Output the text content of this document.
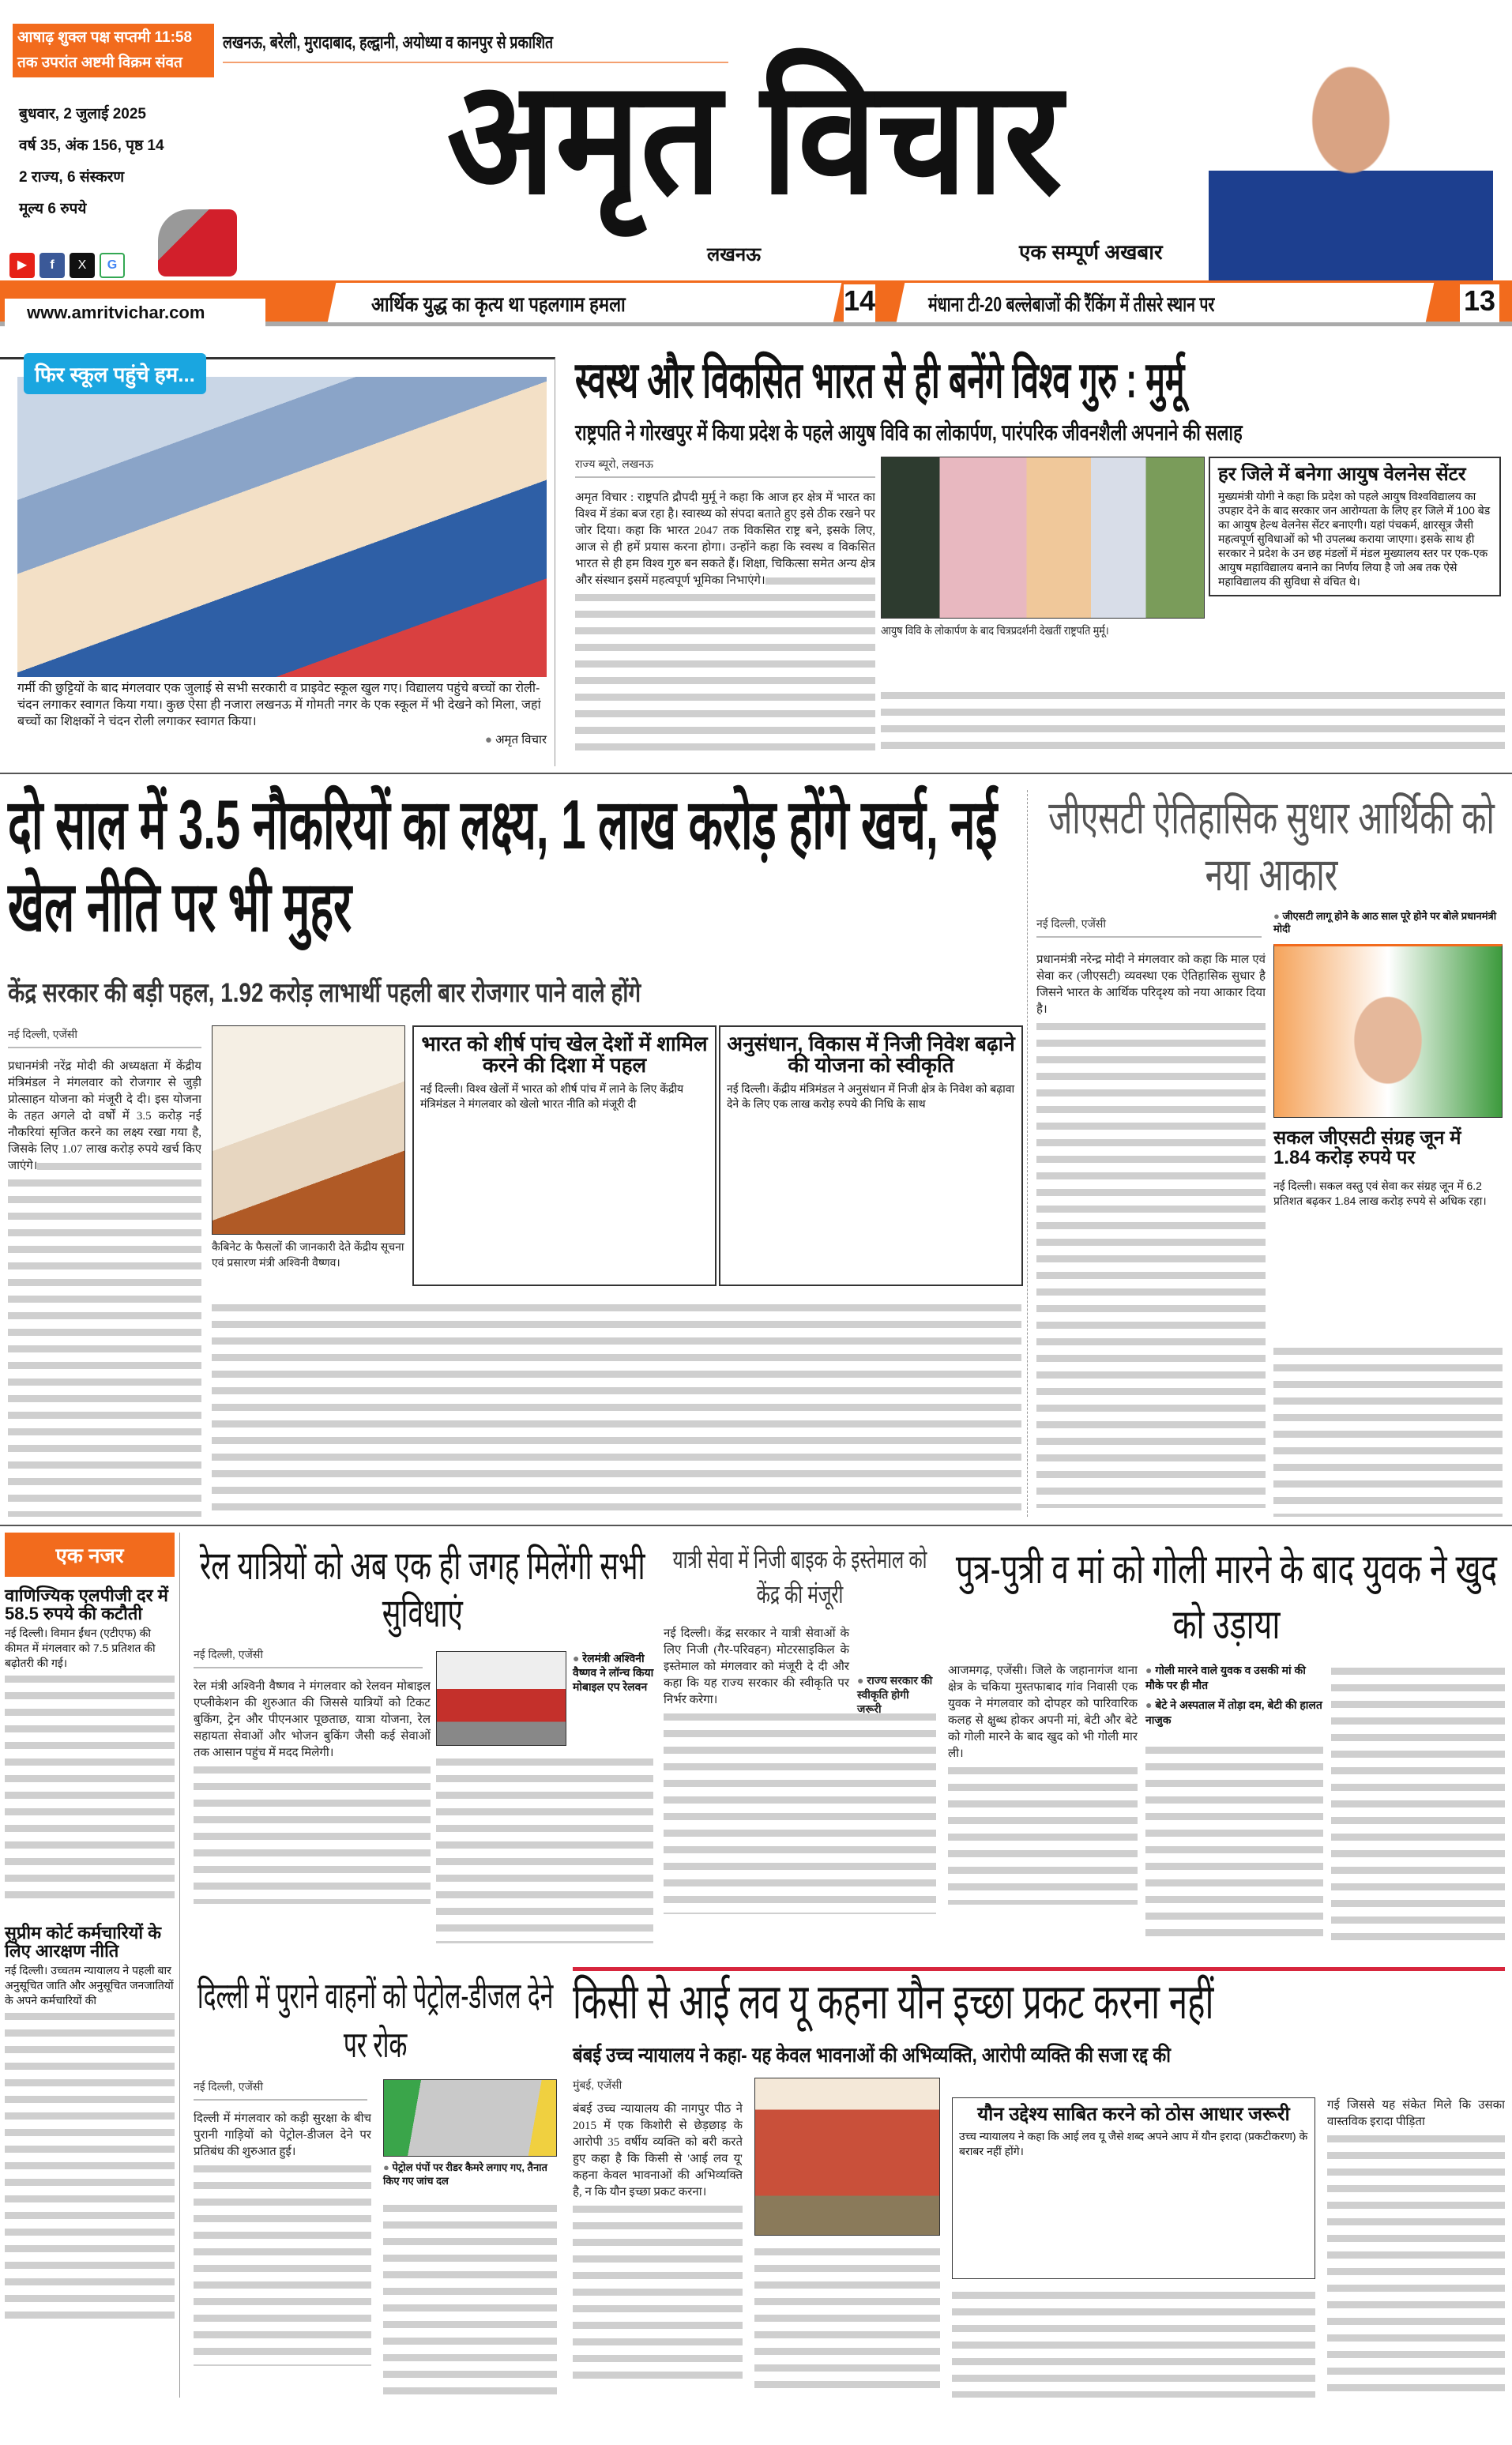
आषाढ़ शुक्ल पक्ष सप्तमी 11:58 तक उपरांत अष्टमी विक्रम संवत 2082
लखनऊ, बरेली, मुरादाबाद, हल्द्वानी, अयोध्या व कानपुर से प्रकाशित
बुधवार, 2 जुलाई 2025
वर्ष 35, अंक 156, पृष्ठ 14
2 राज्य, 6 संस्करण
मूल्य 6 रुपये
▶	f	X	G
अमृत विचार
लखनऊ	एक सम्पूर्ण अखबार
www.amritvichar.com	आर्थिक युद्ध का कृत्य था पहलगाम हमला	14	मंधाना टी-20 बल्लेबाजों की रैंकिंग में तीसरे स्थान पर	13
फिर स्कूल पहुंचे हम...
गर्मी की छुट्टियों के बाद मंगलवार एक जुलाई से सभी सरकारी व प्राइवेट स्कूल खुल गए। विद्यालय पहुंचे बच्चों का रोली-चंदन लगाकर स्वागत किया गया। कुछ ऐसा ही नजारा लखनऊ में गोमती नगर के एक स्कूल में भी देखने को मिला, जहां बच्चों का शिक्षकों ने चंदन रोली लगाकर स्वागत किया।
● अमृत विचार
स्वस्थ और विकसित भारत से ही बनेंगे विश्व गुरु : मुर्मू
राष्ट्रपति ने गोरखपुर में किया प्रदेश के पहले आयुष विवि का लोकार्पण, पारंपरिक जीवनशैली अपनाने की सलाह
राज्य ब्यूरो, लखनऊ
अमृत विचार : राष्ट्रपति द्रौपदी मुर्मू ने कहा कि आज हर क्षेत्र में भारत का विश्व में डंका बज रहा है। स्वास्थ्य को संपदा बताते हुए इसे ठीक रखने पर जोर दिया। कहा कि भारत 2047 तक विकसित राष्ट्र बने, इसके लिए, आज से ही हमें प्रयास करना होगा। उन्होंने कहा कि स्वस्थ व विकसित भारत से ही हम विश्व गुरु बन सकते हैं। शिक्षा, चिकित्सा समेत अन्य क्षेत्र और संस्थान इसमें महत्वपूर्ण भूमिका निभाएंगे।
आयुष विवि के लोकार्पण के बाद चित्रप्रदर्शनी देखतीं राष्ट्रपति मुर्मू।
हर जिले में बनेगा आयुष वेलनेस सेंटर
मुख्यमंत्री योगी ने कहा कि प्रदेश को पहले आयुष विश्वविद्यालय का उपहार देने के बाद सरकार जन आरोग्यता के लिए हर जिले में 100 बेड का आयुष हेल्थ वेलनेस सेंटर बनाएगी। यहां पंचकर्म, क्षारसूत्र जैसी महत्वपूर्ण सुविधाओं को भी उपलब्ध कराया जाएगा। इसके साथ ही सरकार ने प्रदेश के उन छह मंडलों में मंडल मुख्यालय स्तर पर एक-एक आयुष महाविद्यालय बनाने का निर्णय लिया है जो अब तक ऐसे महाविद्यालय की सुविधा से वंचित थे।
दो साल में 3.5 नौकरियों का लक्ष्य, 1 लाख करोड़ होंगे खर्च, नई खेल नीति पर भी मुहर
केंद्र सरकार की बड़ी पहल, 1.92 करोड़ लाभार्थी पहली बार रोजगार पाने वाले होंगे
नई दिल्ली, एजेंसी
प्रधानमंत्री नरेंद्र मोदी की अध्यक्षता में केंद्रीय मंत्रिमंडल ने मंगलवार को रोजगार से जुड़ी प्रोत्साहन योजना को मंजूरी दे दी। इस योजना के तहत अगले दो वर्षों में 3.5 करोड़ नई नौकरियां सृजित करने का लक्ष्य रखा गया है, जिसके लिए 1.07 लाख करोड़ रुपये खर्च किए जाएंगे।
कैबिनेट के फैसलों की जानकारी देते केंद्रीय सूचना एवं प्रसारण मंत्री अश्विनी वैष्णव।
भारत को शीर्ष पांच खेल देशों में शामिल करने की दिशा में पहल
नई दिल्ली। विश्व खेलों में भारत को शीर्ष पांच में लाने के लिए केंद्रीय मंत्रिमंडल ने मंगलवार को खेलो भारत नीति को मंजूरी दी
अनुसंधान, विकास में निजी निवेश बढ़ाने की योजना को स्वीकृति
नई दिल्ली। केंद्रीय मंत्रिमंडल ने अनुसंधान में निजी क्षेत्र के निवेश को बढ़ावा देने के लिए एक लाख करोड़ रुपये की निधि के साथ
जीएसटी ऐतिहासिक सुधार आर्थिकी को नया आकार
नई दिल्ली, एजेंसी
● जीएसटी लागू होने के आठ साल पूरे होने पर बोले प्रधानमंत्री मोदी
प्रधानमंत्री नरेन्द्र मोदी ने मंगलवार को कहा कि माल एवं सेवा कर (जीएसटी) व्यवस्था एक ऐतिहासिक सुधार है जिसने भारत के आर्थिक परिदृश्य को नया आकार दिया है।
सकल जीएसटी संग्रह जून में 1.84 करोड़ रुपये पर
नई दिल्ली। सकल वस्तु एवं सेवा कर संग्रह जून में 6.2 प्रतिशत बढ़कर 1.84 लाख करोड़ रुपये से अधिक रहा।
एक नजर
वाणिज्यिक एलपीजी दर में 58.5 रुपये की कटौती
नई दिल्ली। विमान ईंधन (एटीएफ) की कीमत में मंगलवार को 7.5 प्रतिशत की बढ़ोतरी की गई।
सुप्रीम कोर्ट कर्मचारियों के लिए आरक्षण नीति
नई दिल्ली। उच्चतम न्यायालय ने पहली बार अनुसूचित जाति और अनुसूचित जनजातियों के अपने कर्मचारियों की
रेल यात्रियों को अब एक ही जगह मिलेंगी सभी सुविधाएं
नई दिल्ली, एजेंसी	● रेलमंत्री अश्विनी वैष्णव ने लॉन्च किया मोबाइल एप रेलवन
रेल मंत्री अश्विनी वैष्णव ने मंगलवार को रेलवन मोबाइल एप्लीकेशन की शुरुआत की जिससे यात्रियों को टिकट बुकिंग, ट्रेन और पीएनआर पूछताछ, यात्रा योजना, रेल सहायता सेवाओं और भोजन बुकिंग जैसी कई सेवाओं तक आसान पहुंच में मदद मिलेगी।
यात्री सेवा में निजी बाइक के इस्तेमाल को केंद्र की मंजूरी
● राज्य सरकार की स्वीकृति होगी जरूरी
नई दिल्ली। केंद्र सरकार ने यात्री सेवाओं के लिए निजी (गैर-परिवहन) मोटरसाइकिल के इस्तेमाल को मंगलवार को मंजूरी दे दी और कहा कि यह राज्य सरकार की स्वीकृति पर निर्भर करेगा।
पुत्र-पुत्री व मां को गोली मारने के बाद युवक ने खुद को उड़ाया
आजमगढ़, एजेंसी। जिले के जहानागंज थाना क्षेत्र के चकिया मुस्तफाबाद गांव निवासी एक युवक ने मंगलवार को दोपहर को पारिवारिक कलह से क्षुब्ध होकर अपनी मां, बेटी और बेटे को गोली मारने के बाद खुद को भी गोली मार ली।
● गोली मारने वाले युवक व उसकी मां की मौके पर ही मौत
● बेटे ने अस्पताल में तोड़ा दम, बेटी की हालत नाजुक
दिल्ली में पुराने वाहनों को पेट्रोल-डीजल देने पर रोक
नई दिल्ली, एजेंसी
दिल्ली में मंगलवार को कड़ी सुरक्षा के बीच पुरानी गाड़ियों को पेट्रोल-डीजल देने पर प्रतिबंध की शुरुआत हुई।
● पेट्रोल पंपों पर रीडर कैमरे लगाए गए, तैनात किए गए जांच दल
किसी से आई लव यू कहना यौन इच्छा प्रकट करना नहीं
बंबई उच्च न्यायालय ने कहा- यह केवल भावनाओं की अभिव्यक्ति, आरोपी व्यक्ति की सजा रद्द की
मुंबई, एजेंसी
बंबई उच्च न्यायालय की नागपुर पीठ ने 2015 में एक किशोरी से छेड़छाड़ के आरोपी 35 वर्षीय व्यक्ति को बरी करते हुए कहा है कि किसी से 'आई लव यू' कहना केवल भावनाओं की अभिव्यक्ति है, न कि यौन इच्छा प्रकट करना।
यौन उद्देश्य साबित करने को ठोस आधार जरूरी
उच्च न्यायालय ने कहा कि आई लव यू जैसे शब्द अपने आप में यौन इरादा (प्रकटीकरण) के बराबर नहीं होंगे।
गई जिससे यह संकेत मिले कि उसका वास्तविक इरादा पीड़िता
